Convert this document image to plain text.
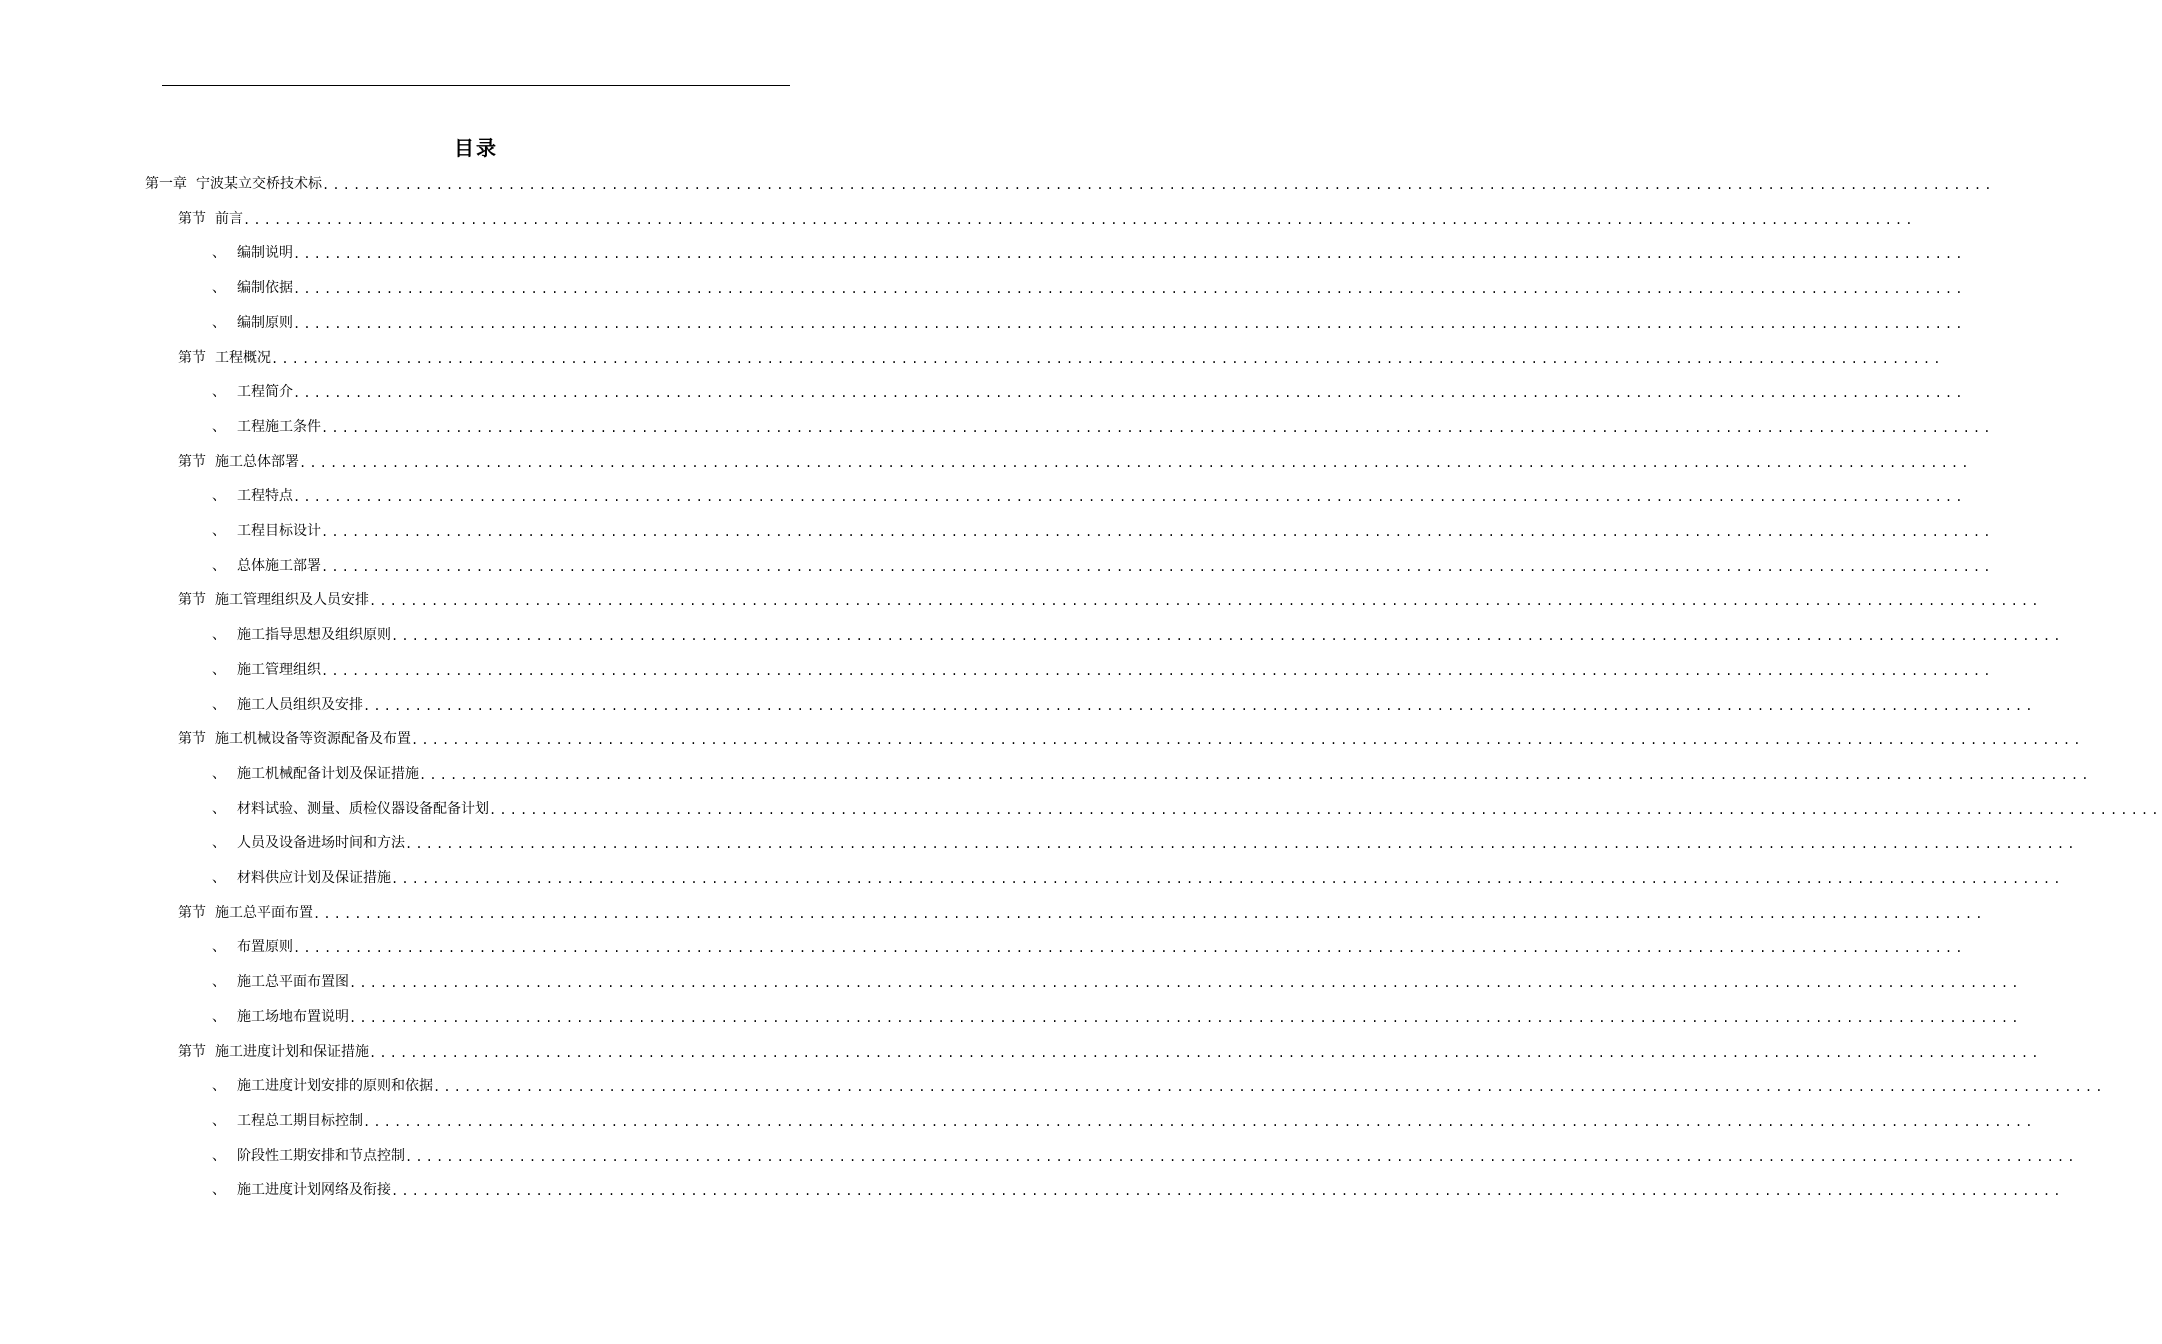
目录
第一章 宁波某立交桥技术标 ..................................................................................................................................................................
第节 前言 ..................................................................................................................................................................
、 编制说明 ..................................................................................................................................................................
、 编制依据 ..................................................................................................................................................................
、 编制原则 ..................................................................................................................................................................
第节 工程概况 ..................................................................................................................................................................
、 工程简介 ..................................................................................................................................................................
、 工程施工条件 ..................................................................................................................................................................
第节 施工总体部署 ..................................................................................................................................................................
、 工程特点 ..................................................................................................................................................................
、 工程目标设计 ..................................................................................................................................................................
、 总体施工部署 ..................................................................................................................................................................
第节 施工管理组织及人员安排 ..................................................................................................................................................................
、 施工指导思想及组织原则 ..................................................................................................................................................................
、 施工管理组织 ..................................................................................................................................................................
、 施工人员组织及安排 ..................................................................................................................................................................
第节 施工机械设备等资源配备及布置 ..................................................................................................................................................................
、 施工机械配备计划及保证措施 ..................................................................................................................................................................
、 材料试验、测量、质检仪器设备配备计划 ..................................................................................................................................................................
、 人员及设备进场时间和方法 ..................................................................................................................................................................
、 材料供应计划及保证措施 ..................................................................................................................................................................
第节 施工总平面布置 ..................................................................................................................................................................
、 布置原则 ..................................................................................................................................................................
、 施工总平面布置图 ..................................................................................................................................................................
、 施工场地布置说明 ..................................................................................................................................................................
第节 施工进度计划和保证措施 ..................................................................................................................................................................
、 施工进度计划安排的原则和依据 ..................................................................................................................................................................
、 工程总工期目标控制 ..................................................................................................................................................................
、 阶段性工期安排和节点控制 ..................................................................................................................................................................
、 施工进度计划网络及衔接 ..................................................................................................................................................................
